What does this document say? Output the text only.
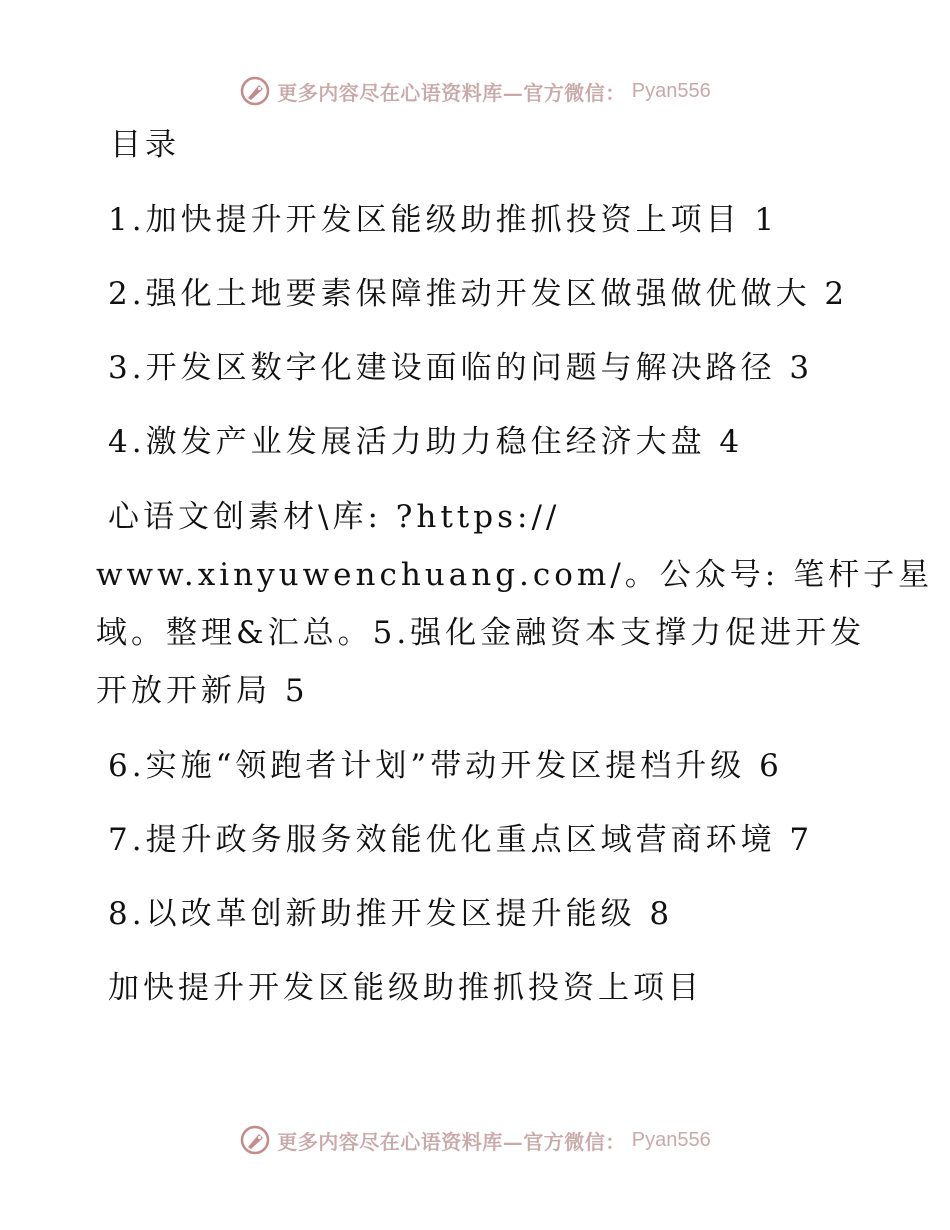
更多内容尽在心语资料库—官方微信： Pyan556
目录
1.加快提升开发区能级助推抓投资上项目 1
2.强化土地要素保障推动开发区做强做优做大 2
3.开发区数字化建设面临的问题与解决路径 3
4.激发产业发展活力助力稳住经济大盘 4
心语文创素材\库: ?https://
www.xinyuwenchuang.com/。公众号: 笔杆子星
域。整理&汇总。5.强化金融资本支撑力促进开发
开放开新局 5
6.实施“领跑者计划”带动开发区提档升级 6
7.提升政务服务效能优化重点区域营商环境 7
8.以改革创新助推开发区提升能级 8
加快提升开发区能级助推抓投资上项目
更多内容尽在心语资料库—官方微信： Pyan556
